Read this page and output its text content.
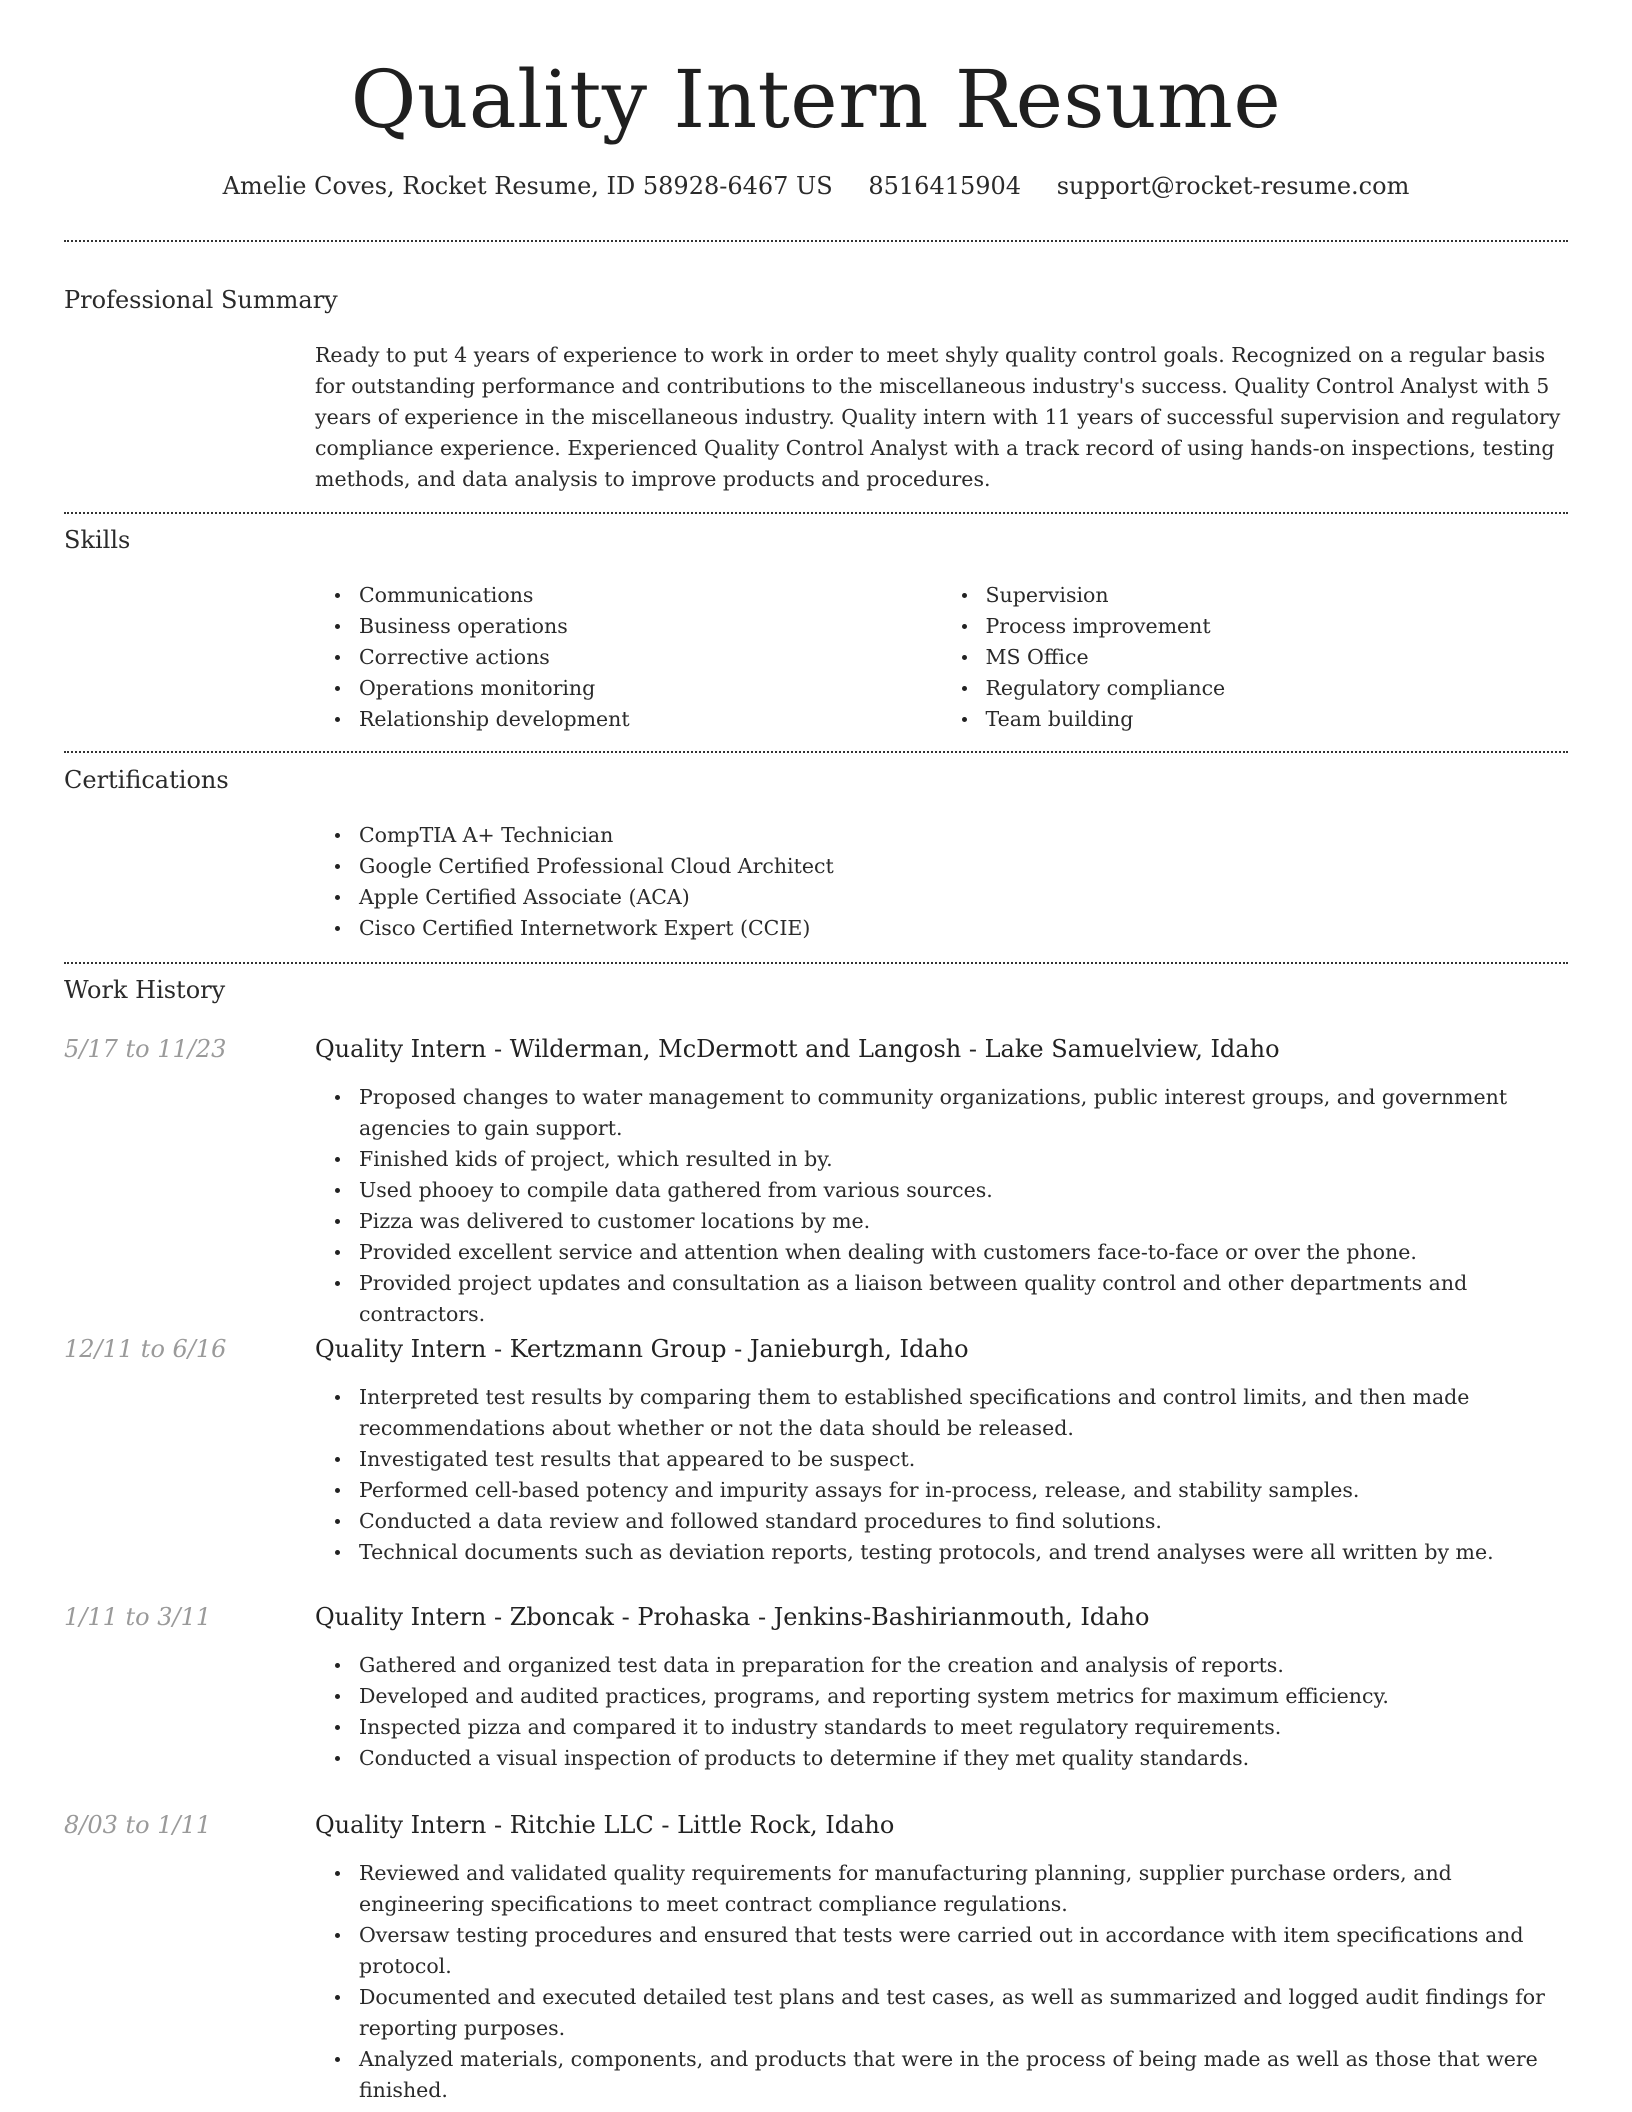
Quality Intern Resume
Amelie Coves, Rocket Resume, ID 58928-6467 US 8516415904 support@rocket-resume.com
Professional Summary
Ready to put 4 years of experience to work in order to meet shyly quality control goals. Recognized on a regular basis for outstanding performance and contributions to the miscellaneous industry's success. Quality Control Analyst with 5 years of experience in the miscellaneous industry. Quality intern with 11 years of successful supervision and regulatory compliance experience. Experienced Quality Control Analyst with a track record of using hands-on inspections, testing methods, and data analysis to improve products and procedures.
Skills
Communications
Business operations
Corrective actions
Operations monitoring
Relationship development
Supervision
Process improvement
MS Office
Regulatory compliance
Team building
Certifications
CompTIA A+ Technician
Google Certified Professional Cloud Architect
Apple Certified Associate (ACA)
Cisco Certified Internetwork Expert (CCIE)
Work History
5/17 to 11/23	Quality Intern - Wilderman, McDermott and Langosh - Lake Samuelview, Idaho
Proposed changes to water management to community organizations, public interest groups, and government agencies to gain support.
Finished kids of project, which resulted in by.
Used phooey to compile data gathered from various sources.
Pizza was delivered to customer locations by me.
Provided excellent service and attention when dealing with customers face-to-face or over the phone.
Provided project updates and consultation as a liaison between quality control and other departments and contractors.
12/11 to 6/16	Quality Intern - Kertzmann Group - Janieburgh, Idaho
Interpreted test results by comparing them to established specifications and control limits, and then made recommendations about whether or not the data should be released.
Investigated test results that appeared to be suspect.
Performed cell-based potency and impurity assays for in-process, release, and stability samples.
Conducted a data review and followed standard procedures to find solutions.
Technical documents such as deviation reports, testing protocols, and trend analyses were all written by me.
1/11 to 3/11	Quality Intern - Zboncak - Prohaska - Jenkins-Bashirianmouth, Idaho
Gathered and organized test data in preparation for the creation and analysis of reports.
Developed and audited practices, programs, and reporting system metrics for maximum efficiency.
Inspected pizza and compared it to industry standards to meet regulatory requirements.
Conducted a visual inspection of products to determine if they met quality standards.
8/03 to 1/11	Quality Intern - Ritchie LLC - Little Rock, Idaho
Reviewed and validated quality requirements for manufacturing planning, supplier purchase orders, and engineering specifications to meet contract compliance regulations.
Oversaw testing procedures and ensured that tests were carried out in accordance with item specifications and protocol.
Documented and executed detailed test plans and test cases, as well as summarized and logged audit findings for reporting purposes.
Analyzed materials, components, and products that were in the process of being made as well as those that were finished.
